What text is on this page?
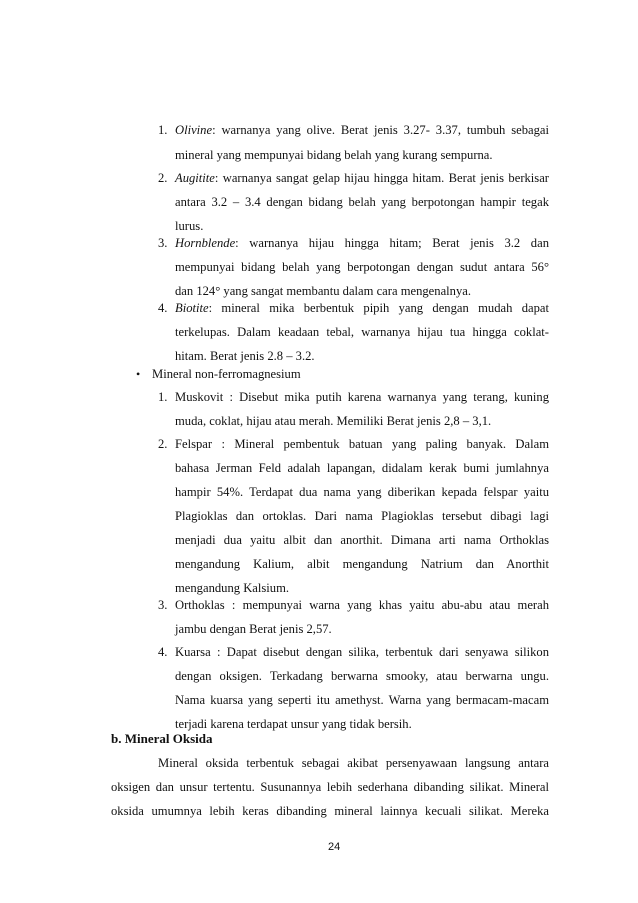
1. Olivine: warnanya yang olive. Berat jenis 3.27- 3.37, tumbuh sebagai
mineral yang mempunyai bidang belah yang kurang sempurna.
2. Augitite: warnanya sangat gelap hijau hingga hitam. Berat jenis berkisar
antara 3.2 – 3.4 dengan bidang belah yang berpotongan hampir tegak
lurus.
3. Hornblende: warnanya hijau hingga hitam; Berat jenis 3.2 dan
mempunyai bidang belah yang berpotongan dengan sudut antara 56°
dan 124° yang sangat membantu dalam cara mengenalnya.
4. Biotite: mineral mika berbentuk pipih yang dengan mudah dapat
terkelupas. Dalam keadaan tebal, warnanya hijau tua hingga coklat-
hitam. Berat jenis 2.8 – 3.2.
• Mineral non-ferromagnesium
1. Muskovit : Disebut mika putih karena warnanya yang terang, kuning
muda, coklat, hijau atau merah. Memiliki Berat jenis 2,8 – 3,1.
2. Felspar : Mineral pembentuk batuan yang paling banyak. Dalam
bahasa Jerman Feld adalah lapangan, didalam kerak bumi jumlahnya
hampir 54%. Terdapat dua nama yang diberikan kepada felspar yaitu
Plagioklas dan ortoklas. Dari nama Plagioklas tersebut dibagi lagi
menjadi dua yaitu albit dan anorthit. Dimana arti nama Orthoklas
mengandung Kalium, albit mengandung Natrium dan Anorthit
mengandung Kalsium.
3. Orthoklas : mempunyai warna yang khas yaitu abu-abu atau merah
jambu dengan Berat jenis 2,57.
4. Kuarsa : Dapat disebut dengan silika, terbentuk dari senyawa silikon
dengan oksigen. Terkadang berwarna smooky, atau berwarna ungu.
Nama kuarsa yang seperti itu amethyst. Warna yang bermacam-macam
terjadi karena terdapat unsur yang tidak bersih.
b. Mineral Oksida
Mineral oksida terbentuk sebagai akibat persenyawaan langsung antara
oksigen dan unsur tertentu. Susunannya lebih sederhana dibanding silikat. Mineral
oksida umumnya lebih keras dibanding mineral lainnya kecuali silikat. Mereka
24
